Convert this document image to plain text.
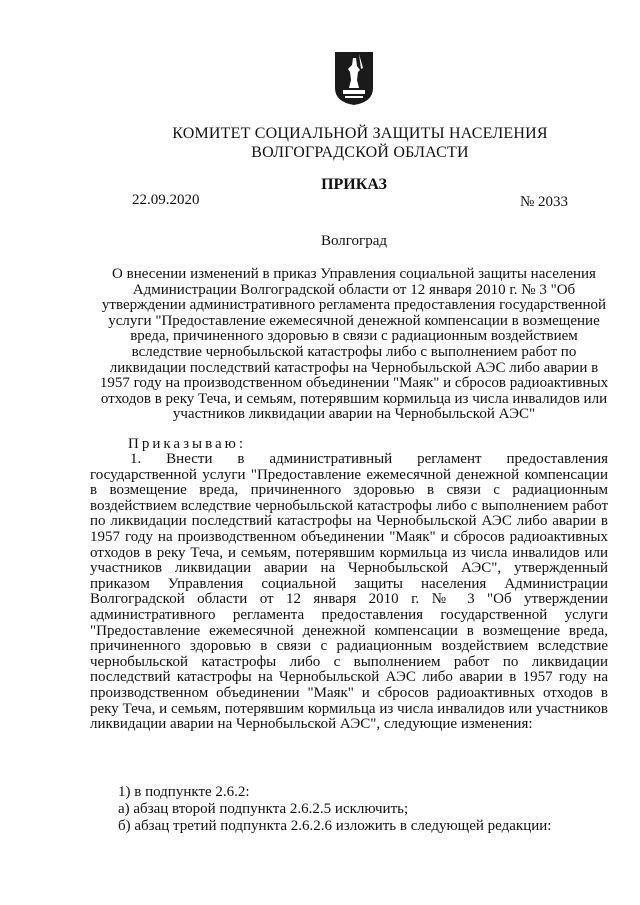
КОМИТЕТ СОЦИАЛЬНОЙ ЗАЩИТЫ НАСЕЛЕНИЯ
ВОЛГОГРАДСКОЙ ОБЛАСТИ
ПРИКАЗ
22.09.2020	№ 2033
Волгоград
О внесении изменений в приказ Управления социальной защиты населения Администрации Волгоградской области от 12 января 2010 г. № 3 "Об утверждении административного регламента предоставления государственной услуги "Предоставление ежемесячной денежной компенсации в возмещение вреда, причиненного здоровью в связи с радиационным воздействием вследствие чернобыльской катастрофы либо с выполнением работ по ликвидации последствий катастрофы на Чернобыльской АЭС либо аварии в 1957 году на производственном объединении "Маяк" и сбросов радиоактивных отходов в реку Теча, и семьям, потерявшим кормильца из числа инвалидов или участников ликвидации аварии на Чернобыльской АЭС"
Приказываю:

1. Внести в административный регламент предоставления государственной услуги "Предоставление ежемесячной денежной компенсации в возмещение вреда, причиненного здоровью в связи с радиационным воздействием вследствие чернобыльской катастрофы либо с выполнением работ по ликвидации последствий катастрофы на Чернобыльской АЭС либо аварии в 1957 году на производственном объединении "Маяк" и сбросов радиоактивных отходов в реку Теча, и семьям, потерявшим кормильца из числа инвалидов или участников ликвидации аварии на Чернобыльской АЭС", утвержденный приказом Управления социальной защиты населения Администрации Волгоградской области от 12 января 2010 г. № 3 "Об утверждении административного регламента предоставления государственной услуги "Предоставление ежемесячной денежной компенсации в возмещение вреда, причиненного здоровью в связи с радиационным воздействием вследствие чернобыльской катастрофы либо с выполнением работ по ликвидации последствий катастрофы на Чернобыльской АЭС либо аварии в 1957 году на производственном объединении "Маяк" и сбросов радиоактивных отходов в реку Теча, и семьям, потерявшим кормильца из числа инвалидов или участников ликвидации аварии на Чернобыльской АЭС", следующие изменения:

1) в подпункте 2.6.2:
а) абзац второй подпункта 2.6.2.5 исключить;
б) абзац третий подпункта 2.6.2.6 изложить в следующей редакции:
